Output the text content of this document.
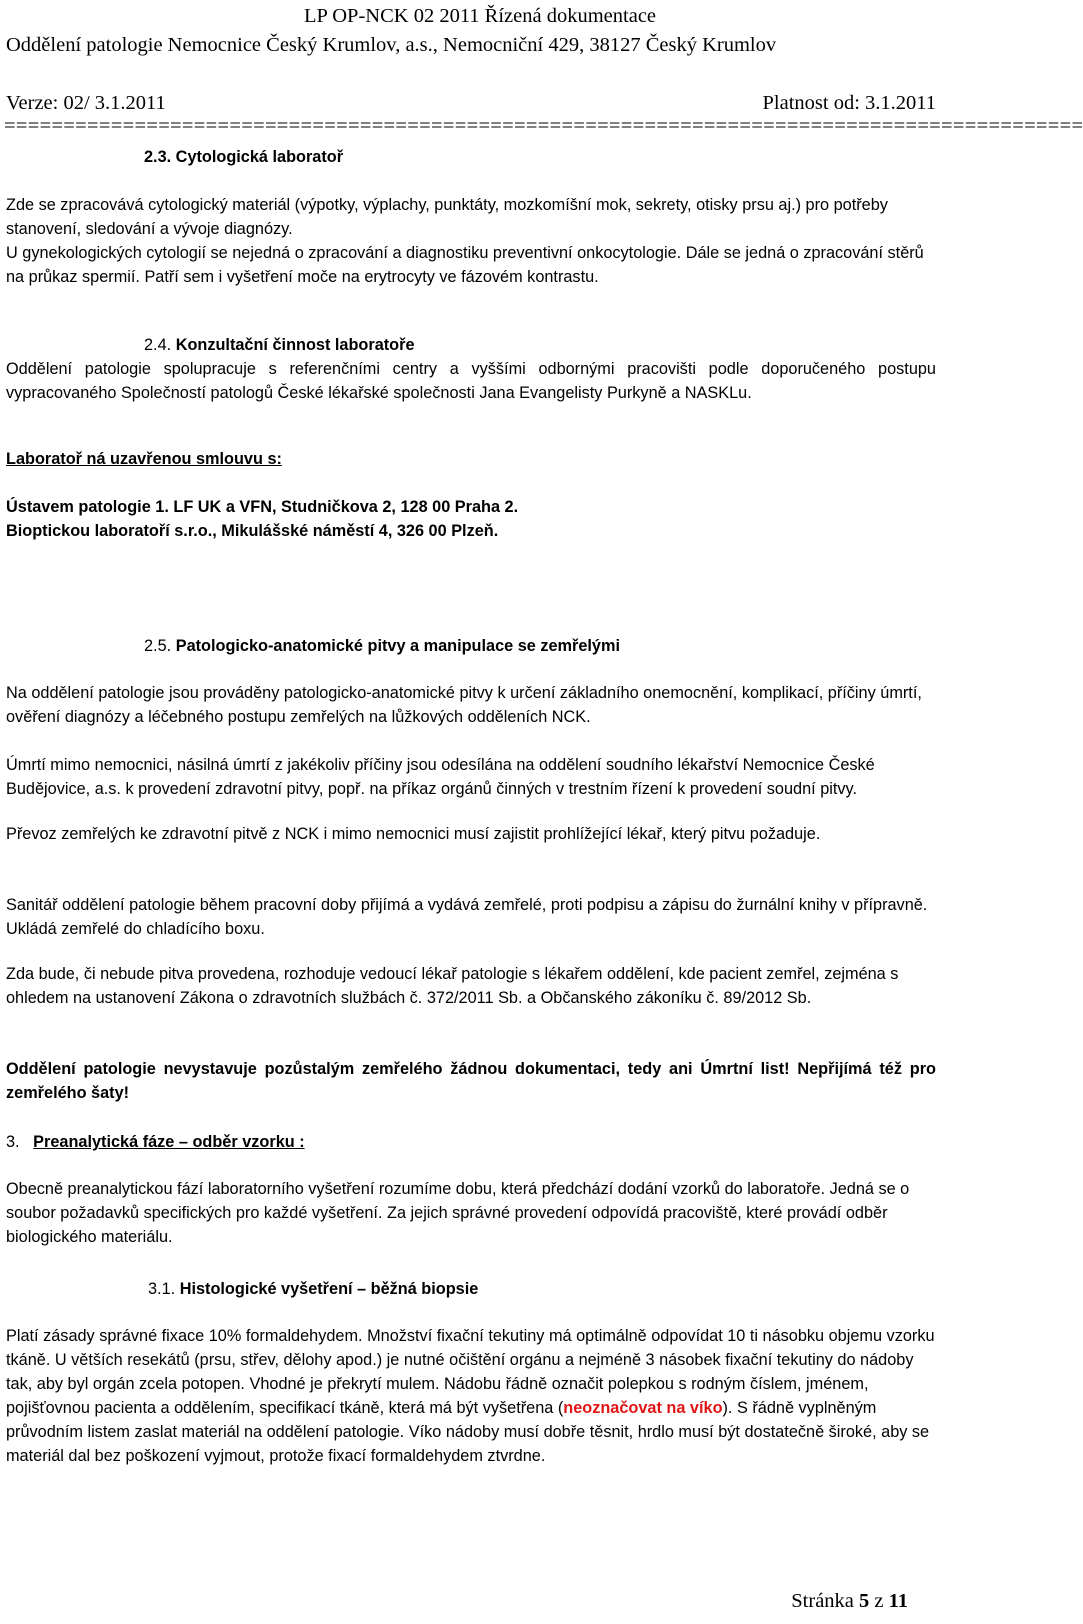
LP OP-NCK 02 2011 Řízená dokumentace
Oddělení patologie Nemocnice Český Krumlov, a.s., Nemocniční 429, 38127 Český Krumlov
Verze: 02/ 3.1.2011	Platnost od: 3.1.2011
===========================================================================================
2.3. Cytologická laboratoř
Zde se zpracovává cytologický materiál (výpotky, výplachy, punktáty, mozkomíšní mok, sekrety, otisky prsu aj.) pro potřeby stanovení, sledování a vývoje diagnózy.
U gynekologických cytologií se nejedná o zpracování a diagnostiku preventivní onkocytologie. Dále se jedná o zpracování stěrů na průkaz spermií. Patří sem i vyšetření moče na erytrocyty ve fázovém kontrastu.
2.4. Konzultační činnost laboratoře
Oddělení patologie spolupracuje s referenčními centry a vyššími odbornými pracovišti podle doporučeného postupu vypracovaného Společností patologů České lékařské společnosti Jana Evangelisty Purkyně a NASKLu.
Laboratoř ná uzavřenou smlouvu s:
Ústavem patologie 1. LF UK a VFN, Studničkova 2, 128 00 Praha 2.
Bioptickou laboratoří s.r.o., Mikulášské náměstí 4, 326 00 Plzeň.
2.5. Patologicko-anatomické pitvy a manipulace se zemřelými
Na oddělení patologie jsou prováděny patologicko-anatomické pitvy k určení základního onemocnění, komplikací, příčiny úmrtí, ověření diagnózy a léčebného postupu zemřelých na lůžkových odděleních NCK.
Úmrtí mimo nemocnici, násilná úmrtí z jakékoliv příčiny jsou odesílána na oddělení soudního lékařství Nemocnice České Budějovice, a.s. k provedení zdravotní pitvy, popř. na příkaz orgánů činných v trestním řízení k provedení soudní pitvy.
Převoz zemřelých ke zdravotní pitvě z NCK i mimo nemocnici musí zajistit prohlížející lékař, který pitvu požaduje.
Sanitář oddělení patologie během pracovní doby přijímá a vydává zemřelé, proti podpisu a zápisu do žurnální knihy v přípravně. Ukládá zemřelé do chladícího boxu.
Zda bude, či nebude pitva provedena, rozhoduje vedoucí lékař patologie s lékařem oddělení, kde pacient zemřel, zejména s ohledem na ustanovení Zákona o zdravotních službách č. 372/2011 Sb. a Občanského zákoníku č. 89/2012 Sb.
Oddělení patologie nevystavuje pozůstalým zemřelého žádnou dokumentaci, tedy ani Úmrtní list! Nepřijímá též pro zemřelého šaty!
3. Preanalytická fáze – odběr vzorku :
Obecně preanalytickou fází laboratorního vyšetření rozumíme dobu, která předchází dodání vzorků do laboratoře. Jedná se o soubor požadavků specifických pro každé vyšetření. Za jejich správné provedení odpovídá pracoviště, které provádí odběr biologického materiálu.
3.1. Histologické vyšetření – běžná biopsie
Platí zásady správné fixace 10% formaldehydem. Množství fixační tekutiny má optimálně odpovídat 10 ti násobku objemu vzorku tkáně. U větších resekátů (prsu, střev, dělohy apod.) je nutné očištění orgánu a nejméně 3 násobek fixační tekutiny do nádoby tak, aby byl orgán zcela potopen. Vhodné je překrytí mulem. Nádobu řádně označit polepkou s rodným číslem, jménem, pojišťovnou pacienta a oddělením, specifikací tkáně, která má být vyšetřena (neoznačovat na víko). S řádně vyplněným průvodním listem zaslat materiál na oddělení patologie. Víko nádoby musí dobře těsnit, hrdlo musí být dostatečně široké, aby se materiál dal bez poškození vyjmout, protože fixací formaldehydem ztvrdne.
Stránka 5 z 11
